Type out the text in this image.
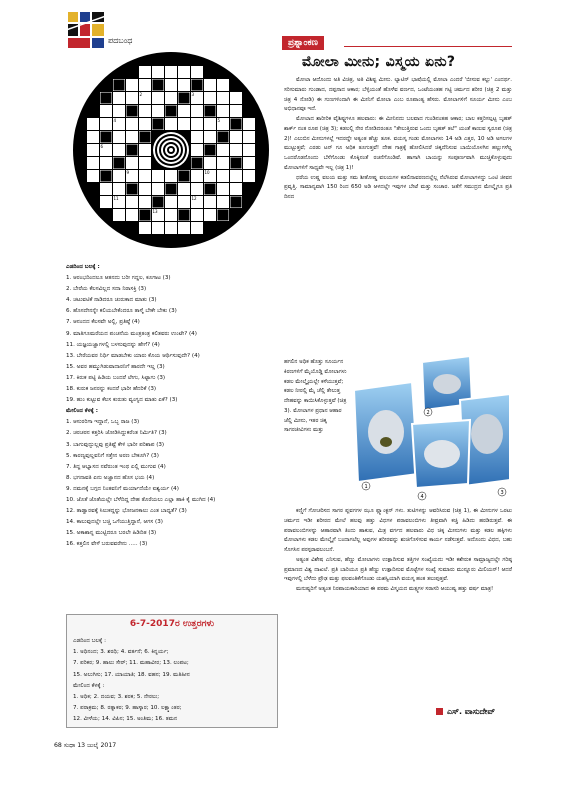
ಪದಬಂಧ
1	2	3
4	5
6
9	10
11	12
13
ಎಡದಿಂದ ಬಲಕ್ಕೆ :
1. ಆರಂಭದಿಂದಲೂ ಆತನದು ಬರೀ ಗದ್ದಲ, ಕೂಗಾಟ (3)
2. ಬೇರೆಯ ಕೆಲಸವಿಲ್ಲದ ಸದಾ ನಿರಾಸಕ್ತಿ (3)
4. ಚಟುವಟಿಕೆ ನಾಡಿದರೂ ಚುರುಕಾದ ಮಾತು (3)
6. ಹೊಸದೇನನ್ನೇ ಕಲಿಯಬೇಕೆಂದರೂ ತಾಳ್ಮೆ ಬೇಕೇ ಬೇಕು (3)
7. ಆನಂದದ ಕೆಲಸವೇ ಅಲ್ಲಿ, ಪ್ರತಿಷ್ಠೆ (4)
9. ಮಾತಿಗೂಮರೆಯದ ಪಂಚನೆಯ ಮಂತ್ರತಂತ್ರ ಕಲಿತವರು ಉಂಟೇ? (4)
11. ಯಜ್ಞಯಜ್ಞಾಗಳಲ್ಲಿ ಬಳಸುವುದನ್ನು ಹೇಗೆ? (4)
13. ಬೇರೆಯವರ ನಿರ್ಧಿ ಮಾಡಬೇಕು ಯಾರು ಕೊಯ ಆರ್ಥಿಸುವುದೇ? (4)
15. ಅವರ ಹಮ್ಮುಗಿಡುವಾದಾರನಿಗೆ ಹಾರದೇ ಇಲ್ಲ (3)
17. ಕಿರುಕ ಪಟ್ಟಿ ಹಿಡಿಯ ಬಂದರೆ ಲೇಗು, ಸಿಟ್ಟಾಗು (3)
18. ಕುರುಕ ಜನರನ್ನು ಕಂದರೆ ಭಾರೀ ಹೆದರಿಕೆ (3)
19. ಹುಂ ಕುಟ್ಟುವ ಕೆಲಸ ಕುರುತು ವ್ಯಂಗ್ಯದ ಮಾತು ಏಕೆ? (3)
ಮೇಲಿಂದ ಕೆಳಕ್ಕೆ :
1. ಆಸುರರಿಗಾ ಇದ್ದಾನೆ, ಒಬ್ಬ ರಾಜ (3)
2. ಚರಚರನ ಕತ್ತರಿಸಿ ಜೋಡಿಸಿದ್ದುಕರೆಂತ ನಿರ್ಮಿತಿ? (3)
3. ಬಾಗುವುದ್ಭುಲ್ಲವು ಪ್ರತಿಷ್ಟೆ ಕೇಳಿ ಭಾರೀ ಪರಿಶಾಪ (3)
5. ಕಾರಣ್ಯವುಲ್ಲವನಿಗೆ ಸತ್ತೇನ ಅರಣ ಬೇಕೂಗಿ? (3)
7. ತಿದ್ದ ಆಭ್ಯಾಸದ ನವೆರುಂತ ಇಂಥ ಏಲ್ಲಿ ಮುಗುವ (4)
8. ಭಗನಾವತಿ ಏನು ಅಜ್ಞಾನದ ಹೊಸ ಭಯ (4)
9. ದಮನಕ್ಕೆ ಬಗ್ಗದ ನಿಂತವನಿಗೆ ಮರ್ಯಾದೆಯೇ ಐಶ್ವರ್ಯ (4)
10. ಜೊತೆ ಜೊತೆಯಲ್ಲೇ ಬೆಳೆದಿದ್ದ ದೇಹ ತೊರೆಯಲು ಎಲ್ಲಾ ಹಾಕಿ ಕೈ ಮುಗಿದ (4)
12. ತಾಡ್ವಾರವಕ್ಕೆ ಸಿಲುಕದ್ದನ್ನು ಭೋಜನಕಾಲು ಎಂತ ಬಾಧ್ಯತೆ? (3)
14. ಕಾಲುವುದಲ್ಲೇ ಬಚ್ಚಿ ಒಗೆಯುತ್ತಿದ್ದಾನೆ, ಆಗಸ (3)
15. ಅಕಾಶಾನ್ನ ಮುಟ್ಟಿದರೂ ಬರಲೇ ಹಿಡಿದಿತ (3)
16. ಕತ್ತಲಿನ ವೇಳೆ ಬರುವವರೇನು ..... (3)
6-7-2017ರ ಉತ್ತರಗಳು
ಎಡದಿಂದ ಬಲಕ್ಕೆ :
1. ಅಧಿನಂದ; 3. ಶರಧಿ; 4. ವರ್ತನೆ; 6. ಕಿನ್ನರ್ಯ;
7. ಪರಿಕರ; 9. ಹಾಲು ಸೇರ್; 11. ಮಹಾವೀರ; 13. ಲಂಪಟ;
15. ಅಲುಗಿಸು; 17. ಯಾಯಾತಿ; 18. ವಹನ; 19. ಮತಿಹೀನ
ಮೇಲಿಂದ ಕೆಳಕ್ಕೆ :
1. ಅಧಿಕ; 2. ದಯವ; 3. ಶರಕ; 5. ನೇರಲು;
7. ಪರಾಕ್ರಮ; 8. ರತ್ನಾಕರ; 9. ಹಾಸ್ಕಾರ; 10. ಲಕ್ಷ್ಮಾಂತರ;
12. ವೀಳೆಯ; 14. ವಿಪಿನ; 15. ಅಂತಿಮ; 16. ತಮನ
68 ಸುಧಾ 13 ಜುಲೈ 2017
ಪ್ರಶ್ನಾಂಕಣ
ಮೋಲಾ ಮೀನು; ವಿಸ್ಮಯ ಏನು?

ಮೋಲಾ ಆದೊಂದು ಅತಿ ವಿಚಿತ್ರ, ಅತಿ ವಿಶಿಷ್ಟ ಮೀನು. ಲ್ಯಾಟಿನ್ ಭಾಷೆಯಲ್ಲಿ ಮೋಲಾ ಎಂದರೆ 'ಬೀಸುವ ಕಲ್ಲು' ಎಂದರ್ಥ. ಸರಿಸುಮಾರು ಗುಂಡಾದ, ದಪ್ಪನಾದ ಆಕಾರ; ಬೆಳ್ಳಿಯಂತೆ ಹೊಳೆವ ವರ್ಣದ, ಒಂಟೆಯಂತಹ ಗಟ್ಟಿ ಚರ್ಮದ ಶರೀರ (ಚಿತ್ರ 2 ಮತ್ತು ಚಿತ್ರ 4 ನೋಡಿ) ಈ ಗುಣಗಳಿಂದಾಗಿ ಈ ಮೀನಿಗೆ ಮೋಲಾ ಎಂಬ ರೂಪಾಂತ್ಯ ಹೆಸರು. ಮೋಲಾಗಳಿಗೆ ಸೂರ್ಯ ಮೀನು ಎಂಬ ಅಭಿಧಾನವೂ ಇದೆ.

ಮೋಲಾದ ಶಾರೀರಿಕ ವೈಶಿಷ್ಟ್ಯಗಳೂ ಹಲವಾರು: ಈ ಮೀನಿನದು ಬಲವಾದ ಗುಂಡಿನಂತಹ ಆಕಾರ; ಬಾಲ ಕತ್ತರಿಸಲ್ಪಟ್ಟ ಬೃಹತ್ ಶಾರ್ಕ್ ನಂತ ರೂಪ (ಚಿತ್ರ 3); ಕಡಲಲ್ಲಿ ನೇರ ನೋಡಿದರಂತೂ "ತೇಲುತ್ತಿರುವ ಒಂದು ಬೃಹತ್ ತಲೆ" ಯಂತೆ ಕಾಣುವ ಸ್ವರೂಪ (ಚಿತ್ರ 2)! ಎಲುಬಿನ ಮೀನುಗಳಲ್ಲೆ ಇದರದ್ದೇ ಅತ್ಯಂತ ಹೆಚ್ಚು ತೂಕ. ವಯಸ್ಕ ಗಂಡು ಮೋಲಾಗಳು 14 ಅಡಿ ಎತ್ತರ, 10 ಅಡಿ ಅಗಲಗಳ ಮುಟ್ಟುತ್ತವೆ; ಎರಡು ಟನ್ ಗೂ ಅಧಿಕ ತೂಗುತ್ತವೆ! ದೇಹ ಗಾತ್ರಕ್ಕೆ ಹೋಲಿಸಿದರೆ ಚಿಕ್ಕದೆನಿಸುವ ಬಾಯಿಯೊಳಗಿನ ಹಲ್ಲುಗಳೆಲ್ಲ ಒಂದರೊಡನೊಂದು ಬೆಸೆಗೊಂಡು ಕೊಕ್ಕಿನಂತೆ ರಚನೆಗೊಂಡಿವೆ. ಹಾಗಾಗಿ ಬಾಯನ್ನು ಸಂಪೂರ್ಣವಾಗಿ ಮುಚ್ಚಿಕೊಳ್ಳುವುದು ಮೋಲಾಗಳಿಗೆ ಸಾಧ್ಯವೇ ಇಲ್ಲ (ಚಿತ್ರ 1)!

ಧರೆಯ ಉಷ್ಣ ವಲಯ ಮತ್ತು ಸಮ ಶೀತೋಷ್ಣ ವಲಯಗಳ ಕಡಲಿನಾವರಣದಲ್ಲೆಲ್ಲ ನೆಲೆಸಿರುವ ಮೋಲಾಗಳದ್ದು ಒಂಟಿ ಜೀವನ ಪ್ರವೃತ್ತಿ. ಸಾಮಾನ್ಯವಾಗಿ 150 ರಿಂದ 650 ಅಡಿ ಆಳದಲ್ಲೇ ಇವುಗಳ ಬೇಟೆ ಮತ್ತು ಸಂಚಾರ. ಜತೆಗೆ ಸಮುದ್ರದ ಮೇಲ್ಮೈಗೂ ಪ್ರತಿ ದಿನದ

ಹಗಲಿನ ಅಧಿಕ ಹೊತ್ತು ಸೂರ್ಯನ ಕಿರಣಗಳಿಗೆ ಮೈಯೊಡ್ಡಿ ಮೋಲಾಗಳು ಕಡಲ ಮೇಲ್ಮೈಯಲ್ಲೇ ಕಳೆಯುತ್ತವೆ; ಕಡಲ ನೀರಲ್ಲಿ ಮೈ ಚೆಲ್ಲಿ ತೇಲುತ್ತ ದೇಹವನ್ನು ಕಾಯಿಸಿಕೊಳ್ಳುತ್ತವೆ (ಚಿತ್ರ 3). ಮೋಲಾಗಳ ಪ್ರಧಾನ ಆಹಾರ ಜೆಲ್ಲಿ ಮೀನು, ಇತರ ಚಿಕ್ಕ ಸಾಗರಜೀವಿಗಳು ಮತ್ತು
1
2
3
4

ಕಣ್ಣಿಗೆ ಗೋಚರಿಸದ ಸಾಗರ ಪ್ಲವಗಗಳ ಝೂ ಪ್ಲ್ಯಾಂಕ್ಟನ್ ಗಳು. ತುಟಿಗಳನ್ನು ಆವರಿಸಿರುವ (ಚಿತ್ರ 1), ಈ ಮೀನುಗಳ ಒರಟು ಚರ್ಮದ ಇಡೀ ಶರೀರದ ಮೇಲೆ ಹಲವು ಹತ್ತು ವಿಧಗಳ ಪರಾವಲಂಬಿಗಳು ತೀವ್ರವಾಗಿ ಕಚ್ಚಿ ಹಿಡಿದು ಹರಡಿರುತ್ತವೆ. ಈ ಪರಾವಲಂಬಿಗಳನ್ನು ಆಹಾರವಾಗಿ ತಿಂದು ಹಾಕುವ, ಮಿತ್ರ ವರ್ಗದ ಹಲವಾರು ವಿಧ ಚಿಕ್ಕ ಮೀನುಗಳು ಮತ್ತು ಕಡಲ ಹಕ್ಕಿಗಳು ಮೋಲಾಗಳು ಕಡಲ ಮೇಲ್ಮೈಗೆ ಬಂದಾಗಲೆಲ್ಲ ಅವುಗಳ ಶರೀರವನ್ನು ಶುಚಿಗೊಳಿಸುವ ಕಾರ್ಯ ನಡೆಸುತ್ತವೆ. ಅದೊಂದು ವಿಧದ, ಬಹು ಸೊಗಸಿನ ಪರಸ್ಪರಾವಲಂಬನೆ.

ಅತ್ಯಂತ ವಿಶೇಷ ಎನಿಸುವ, ಹೆಣ್ಣು ಮೋಲಾಗಳು ಉತ್ಪಾದಿಸುವ ತತ್ತಿಗಳ ಸಂಖ್ಯೆಯದು ಇಡೀ ಕಶೇರುಕ ಸಾಮ್ರಾಜ್ಯದಲ್ಲೇ ಗರಿಷ್ಠ ಪ್ರಮಾಣದ ವಿಶ್ವ ದಾಖಲೆ. ಪ್ರತಿ ಬಾರಿಯೂ ಪ್ರತಿ ಹೆಣ್ಣು ಉತ್ಪಾದಿಸುವ ಮೊಟ್ಟೆಗಳ ಸಂಖ್ಯೆ ಸುಮಾರು ಮುನ್ನೂರು ಮಿಲಿಯನ್! ಆದರೆ ಇವುಗಳಲ್ಲಿ ಬೆಳೆದು ಪ್ರೌಢ ಮತ್ತು ಫಲವಂತಿಕೆಗೊಂಡು ಯಶಸ್ವಿಯಾಗಿ ವಯಸ್ಕ ಹಂತ ತಲುಪುತ್ತವೆ.

ಮನುಷ್ಯರಿಗೆ ಅತ್ಯಂತ ನಿರಪಾಯಕಾರಿಯಾದ ಈ ಪರಮ ವಿಸ್ಮಯದ ಮತ್ಸ್ಯಗಳ ಸರಾಸರಿ ಆಯುಷ್ಯ ಹತ್ತು ವರ್ಷ ಮಾತ್ರ!

ಎಸ್. ವಾಸುದೇವ್
